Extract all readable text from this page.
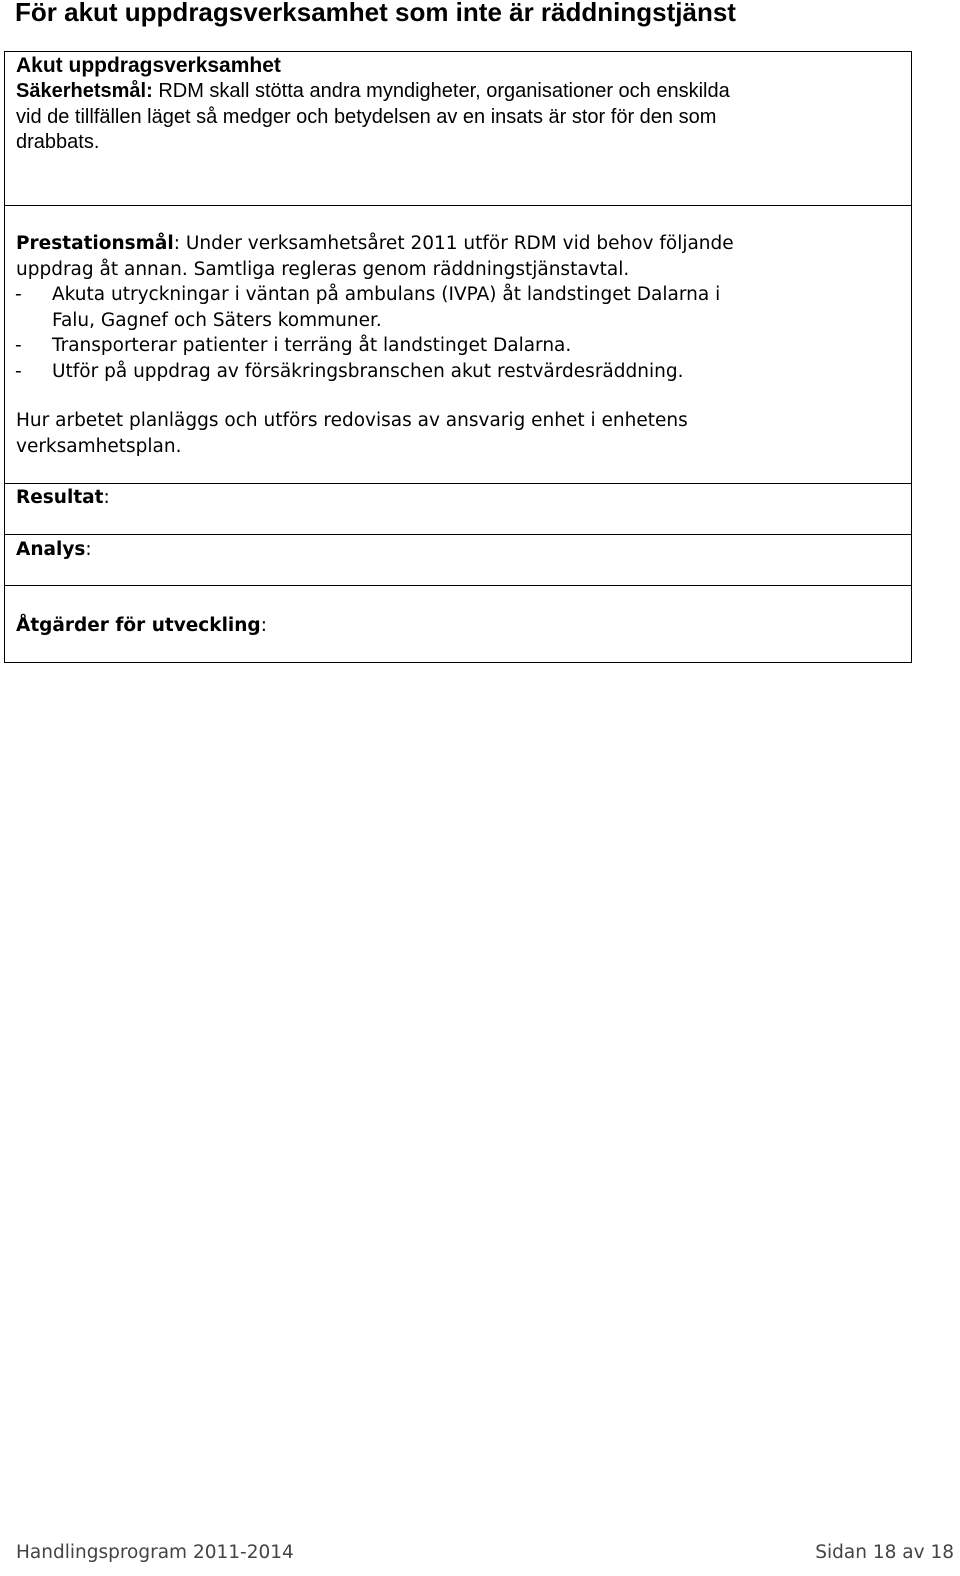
För akut uppdragsverksamhet som inte är räddningstjänst
Akut uppdragsverksamhet
Säkerhetsmål: RDM skall stötta andra myndigheter, organisationer och enskilda
vid de tillfällen läget så medger och betydelsen av en insats är stor för den som
drabbats.
Prestationsmål: Under verksamhetsåret 2011 utför RDM vid behov följande
uppdrag åt annan. Samtliga regleras genom räddningstjänstavtal.
- Akuta utryckningar i väntan på ambulans (IVPA) åt landstinget Dalarna i
Falu, Gagnef och Säters kommuner.
- Transporterar patienter i terräng åt landstinget Dalarna.
- Utför på uppdrag av försäkringsbranschen akut restvärdesräddning.
Hur arbetet planläggs och utförs redovisas av ansvarig enhet i enhetens
verksamhetsplan.
Resultat:
Analys:
Åtgärder för utveckling:
Handlingsprogram 2011-2014	Sidan 18 av 18
